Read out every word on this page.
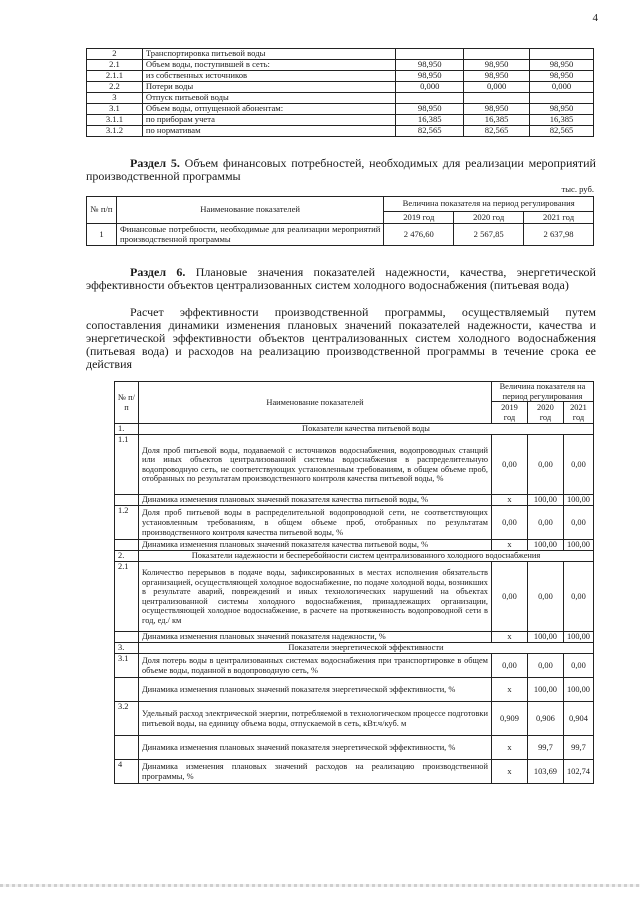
4
2	Транспортировка питьевой воды			
2.1	Объем воды, поступившей в сеть:	98,950	98,950	98,950
2.1.1	из собственных источников	98,950	98,950	98,950
2.2	Потери воды	0,000	0,000	0,000
3	Отпуск питьевой воды			
3.1	Объем воды, отпущенной абонентам:	98,950	98,950	98,950
3.1.1	по приборам учета	16,385	16,385	16,385
3.1.2	по нормативам	82,565	82,565	82,565
Раздел 5. Объем финансовых потребностей, необходимых для реализации мероприятий производственной программы
тыс. руб.
№ п/п	Наименование показателей	Величина показателя на период регулирования		
		2019 год	2020 год	2021 год
1	Финансовые потребности, необходимые для реализации мероприятий производственной программы	2 476,60	2 567,85	2 637,98
Раздел 6. Плановые значения показателей надежности, качества, энергетической эффективности объектов централизованных систем холодного водоснабжения (питьевая вода)
Расчет эффективности производственной программы, осуществляемый путем сопоставления динамики изменения плановых значений показателей надежности, качества и энергетической эффективности объектов централизованных систем холодного водоснабжения (питьевая вода) и расходов на реализацию производственной программы в течение срока ее действия
№ п/п	Наименование показателей	Величина показателя на период регулирования		
		2019 год	2020 год	2021 год
1.	Показатели качества питьевой воды			
1.1	Доля проб питьевой воды, подаваемой с источников водоснабжения, водопроводных станций или иных объектов централизованной системы водоснабжения в распределительную водопроводную сеть, не соответствующих установленным требованиям, в общем объеме проб, отобранных по результатам производственного контроля качества питьевой воды, %	0,00	0,00	0,00
	Динамика изменения плановых значений показателя качества питьевой воды, %	х	100,00	100,00
1.2	Доля проб питьевой воды в распределительной водопроводной сети, не соответствующих установленным требованиям, в общем объеме проб, отобранных по результатам производственного контроля качества питьевой воды, %	0,00	0,00	0,00
	Динамика изменения плановых значений показателя качества питьевой воды, %	х	100,00	100,00
2.	Показатели надежности и бесперебойности систем централизованного холодного водоснабжения			
2.1	Количество перерывов в подаче воды, зафиксированных в местах исполнения обязательств организацией, осуществляющей холодное водоснабжение, по подаче холодной воды, возникших в результате аварий, повреждений и иных технологических нарушений на объектах централизованной системы холодного водоснабжения, принадлежащих организации, осуществляющей холодное водоснабжение, в расчете на протяженность водопроводной сети в год, ед./ км	0,00	0,00	0,00
	Динамика изменения плановых значений показателя надежности, %	х	100,00	100,00
3.	Показатели энергетической эффективности			
3.1	Доля потерь воды в централизованных системах водоснабжения при транспортировке в общем объеме воды, поданной в водопроводную сеть, %	0,00	0,00	0,00
	Динамика изменения плановых значений показателя энергетической эффективности, %	х	100,00	100,00
3.2	Удельный расход электрической энергии, потребляемой в технологическом процессе подготовки питьевой воды, на единицу объема воды, отпускаемой в сеть, кВт.ч/куб. м	0,909	0,906	0,904
	Динамика изменения плановых значений показателя энергетической эффективности, %	х	99,7	99,7
4	Динамика изменения плановых значений расходов на реализацию производственной программы, %	х	103,69	102,74
